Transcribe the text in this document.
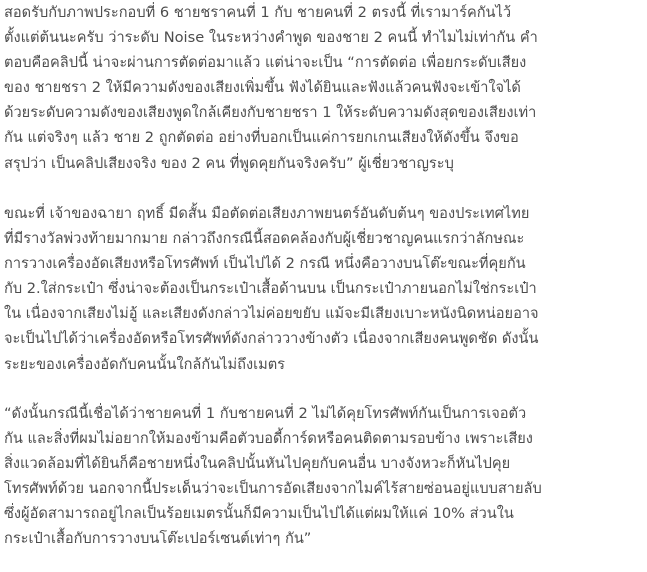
สอดรับกับภาพประกอบที่ 6 ชายชราคนที่ 1 กับ ชายคนที่ 2 ตรงนี้ ที่เรามาร์คกันไว้
ตั้งแต่ต้นนะครับ ว่าระดับ Noise ในระหว่างคำพูด ของชาย 2 คนนี้ ทำไมไม่เท่ากัน คำ
ตอบคือคลิปนี้ น่าจะผ่านการตัดต่อมาแล้ว แต่น่าจะเป็น “การตัดต่อ เพื่อยกระดับเสียง
ของ ชายชรา 2 ให้มีความดังของเสียงเพิ่มขึ้น ฟังได้ยินและฟังแล้วคนฟังจะเข้าใจได้
ด้วยระดับความดังของเสียงพูดใกล้เคียงกับชายชรา 1 ให้ระดับความดังสุดของเสียงเท่า
กัน แต่จริงๆ แล้ว ชาย 2 ถูกตัดต่อ อย่างที่บอกเป็นแค่การยกเกนเสียงให้ดังขึ้น จึงขอ
สรุปว่า เป็นคลิปเสียงจริง ของ 2 คน ที่พูดคุยกันจริงครับ” ผู้เชี่ยวชาญระบุ
ขณะที่ เจ้าของฉายา ฤทธิ์ มีดสั้น มือตัดต่อเสียงภาพยนตร์อันดับต้นๆ ของประเทศไทย
ที่มีรางวัลพ่วงท้ายมากมาย กล่าวถึงกรณีนี้สอดคล้องกับผู้เชี่ยวชาญคนแรกว่าลักษณะ
การวางเครื่องอัดเสียงหรือโทรศัพท์ เป็นไปได้ 2 กรณี หนึ่งคือวางบนโต๊ะขณะที่คุยกัน
กับ 2.ใส่กระเป๋า ซึ่งน่าจะต้องเป็นกระเป๋าเสื้อด้านบน เป็นกระเป๋าภายนอกไม่ใช่กระเป๋า
ใน เนื่องจากเสียงไม่อู้ และเสียงดังกล่าวไม่ค่อยขยับ แม้จะมีเสียงเบาะหนังนิดหน่อยอาจ
จะเป็นไปได้ว่าเครื่องอัดหรือโทรศัพท์ดังกล่าววางข้างตัว เนื่องจากเสียงคนพูดชัด ดังนั้น
ระยะของเครื่องอัดกับคนนั้นใกล้กันไม่ถึงเมตร
“ดังนั้นกรณีนี้เชื่อได้ว่าชายคนที่ 1 กับชายคนที่ 2 ไม่ได้คุยโทรศัพท์กันเป็นการเจอตัว
กัน และสิ่งที่ผมไม่อยากให้มองข้ามคือตัวบอดี้การ์ดหรือคนติดตามรอบข้าง เพราะเสียง
สิ่งแวดล้อมที่ได้ยินก็คือชายหนึ่งในคลิปนั้นหันไปคุยกับคนอื่น บางจังหวะก็หันไปคุย
โทรศัพท์ด้วย นอกจากนี้ประเด็นว่าจะเป็นการอัดเสียงจากไมค์ไร้สายซ่อนอยู่แบบสายลับ
ซึ่งผู้อัดสามารถอยู่ไกลเป็นร้อยเมตรนั้นก็มีความเป็นไปได้แต่ผมให้แค่ 10% ส่วนใน
กระเป๋าเสื้อกับการวางบนโต๊ะเปอร์เซนต์เท่าๆ กัน”
